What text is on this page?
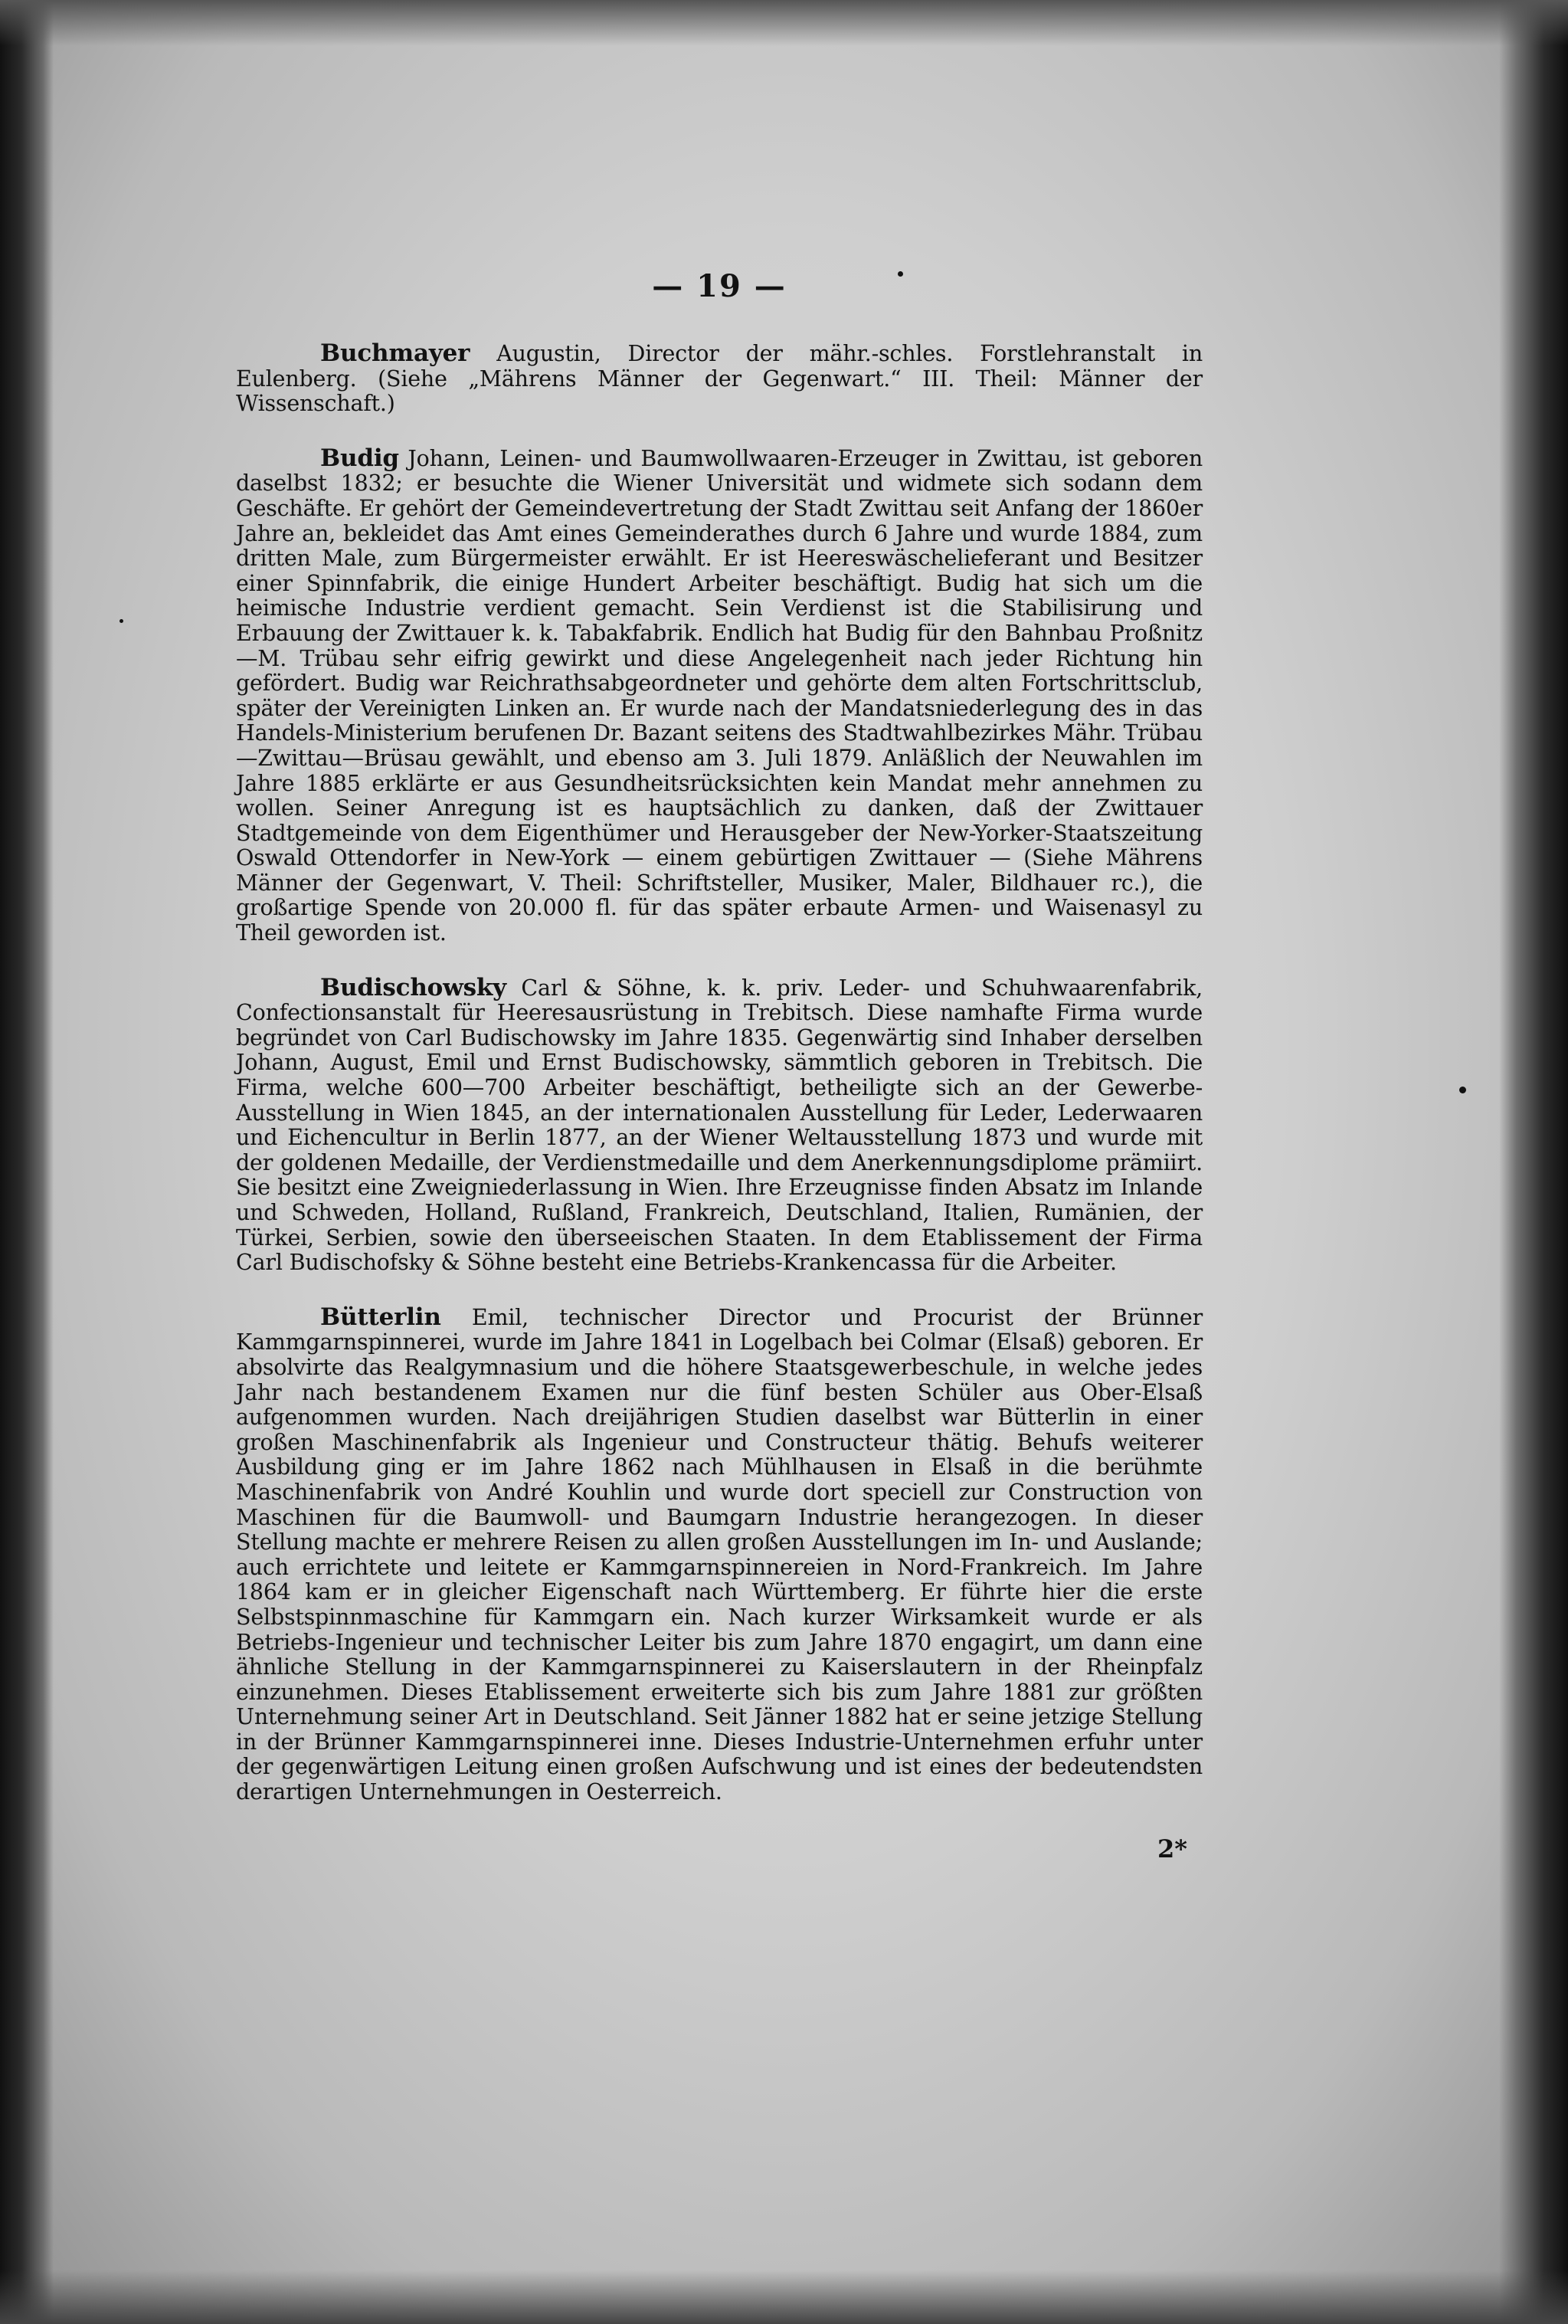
— 19 —

Buchmayer Augustin, Director der mähr.-schles. Forstlehranstalt in Eulenberg. (Siehe „Mährens Männer der Gegenwart.“ III. Theil: Männer der Wissenschaft.)

Budig Johann, Leinen- und Baumwollwaaren-Erzeuger in Zwittau, ist geboren daselbst 1832; er besuchte die Wiener Universität und widmete sich sodann dem Geschäfte. Er gehört der Gemeindevertretung der Stadt Zwittau seit Anfang der 1860er Jahre an, bekleidet das Amt eines Gemeinderathes durch 6 Jahre und wurde 1884, zum dritten Male, zum Bürgermeister erwählt. Er ist Heereswäschelieferant und Besitzer einer Spinnfabrik, die einige Hundert Arbeiter beschäftigt. Budig hat sich um die heimische Industrie verdient gemacht. Sein Verdienst ist die Stabilisirung und Erbauung der Zwittauer k. k. Tabakfabrik. Endlich hat Budig für den Bahnbau Proßnitz—M. Trübau sehr eifrig gewirkt und diese Angelegenheit nach jeder Richtung hin gefördert. Budig war Reichrathsabgeordneter und gehörte dem alten Fortschrittsclub, später der Vereinigten Linken an. Er wurde nach der Mandatsniederlegung des in das Handels-Ministerium berufenen Dr. Bazant seitens des Stadtwahlbezirkes Mähr. Trübau—Zwittau—Brüsau gewählt, und ebenso am 3. Juli 1879. Anläßlich der Neuwahlen im Jahre 1885 erklärte er aus Gesundheitsrücksichten kein Mandat mehr annehmen zu wollen. Seiner Anregung ist es hauptsächlich zu danken, daß der Zwittauer Stadtgemeinde von dem Eigenthümer und Herausgeber der New-Yorker-Staatszeitung Oswald Ottendorfer in New-York — einem gebürtigen Zwittauer — (Siehe Mährens Männer der Gegenwart, V. Theil: Schriftsteller, Musiker, Maler, Bildhauer rc.), die großartige Spende von 20.000 fl. für das später erbaute Armen- und Waisenasyl zu Theil geworden ist.

Budischowsky Carl & Söhne, k. k. priv. Leder- und Schuhwaarenfabrik, Confectionsanstalt für Heeresausrüstung in Trebitsch. Diese namhafte Firma wurde begründet von Carl Budischowsky im Jahre 1835. Gegenwärtig sind Inhaber derselben Johann, August, Emil und Ernst Budischowsky, sämmtlich geboren in Trebitsch. Die Firma, welche 600—700 Arbeiter beschäftigt, betheiligte sich an der Gewerbe-Ausstellung in Wien 1845, an der internationalen Ausstellung für Leder, Lederwaaren und Eichencultur in Berlin 1877, an der Wiener Weltausstellung 1873 und wurde mit der goldenen Medaille, der Verdienstmedaille und dem Anerkennungsdiplome prämiirt. Sie besitzt eine Zweigniederlassung in Wien. Ihre Erzeugnisse finden Absatz im Inlande und Schweden, Holland, Rußland, Frankreich, Deutschland, Italien, Rumänien, der Türkei, Serbien, sowie den überseeischen Staaten. In dem Etablissement der Firma Carl Budischofsky & Söhne besteht eine Betriebs-Krankencassa für die Arbeiter.

Bütterlin Emil, technischer Director und Procurist der Brünner Kammgarnspinnerei, wurde im Jahre 1841 in Logelbach bei Colmar (Elsaß) geboren. Er absolvirte das Realgymnasium und die höhere Staatsgewerbeschule, in welche jedes Jahr nach bestandenem Examen nur die fünf besten Schüler aus Ober-Elsaß aufgenommen wurden. Nach dreijährigen Studien daselbst war Bütterlin in einer großen Maschinenfabrik als Ingenieur und Constructeur thätig. Behufs weiterer Ausbildung ging er im Jahre 1862 nach Mühlhausen in Elsaß in die berühmte Maschinenfabrik von André Kouhlin und wurde dort speciell zur Construction von Maschinen für die Baumwoll- und Baumgarn Industrie herangezogen. In dieser Stellung machte er mehrere Reisen zu allen großen Ausstellungen im In- und Auslande; auch errichtete und leitete er Kammgarnspinnereien in Nord-Frankreich. Im Jahre 1864 kam er in gleicher Eigenschaft nach Württemberg. Er führte hier die erste Selbstspinnmaschine für Kammgarn ein. Nach kurzer Wirksamkeit wurde er als Betriebs-Ingenieur und technischer Leiter bis zum Jahre 1870 engagirt, um dann eine ähnliche Stellung in der Kammgarnspinnerei zu Kaiserslautern in der Rheinpfalz einzunehmen. Dieses Etablissement erweiterte sich bis zum Jahre 1881 zur größten Unternehmung seiner Art in Deutschland. Seit Jänner 1882 hat er seine jetzige Stellung in der Brünner Kammgarnspinnerei inne. Dieses Industrie-Unternehmen erfuhr unter der gegenwärtigen Leitung einen großen Aufschwung und ist eines der bedeutendsten derartigen Unternehmungen in Oesterreich.

2*
